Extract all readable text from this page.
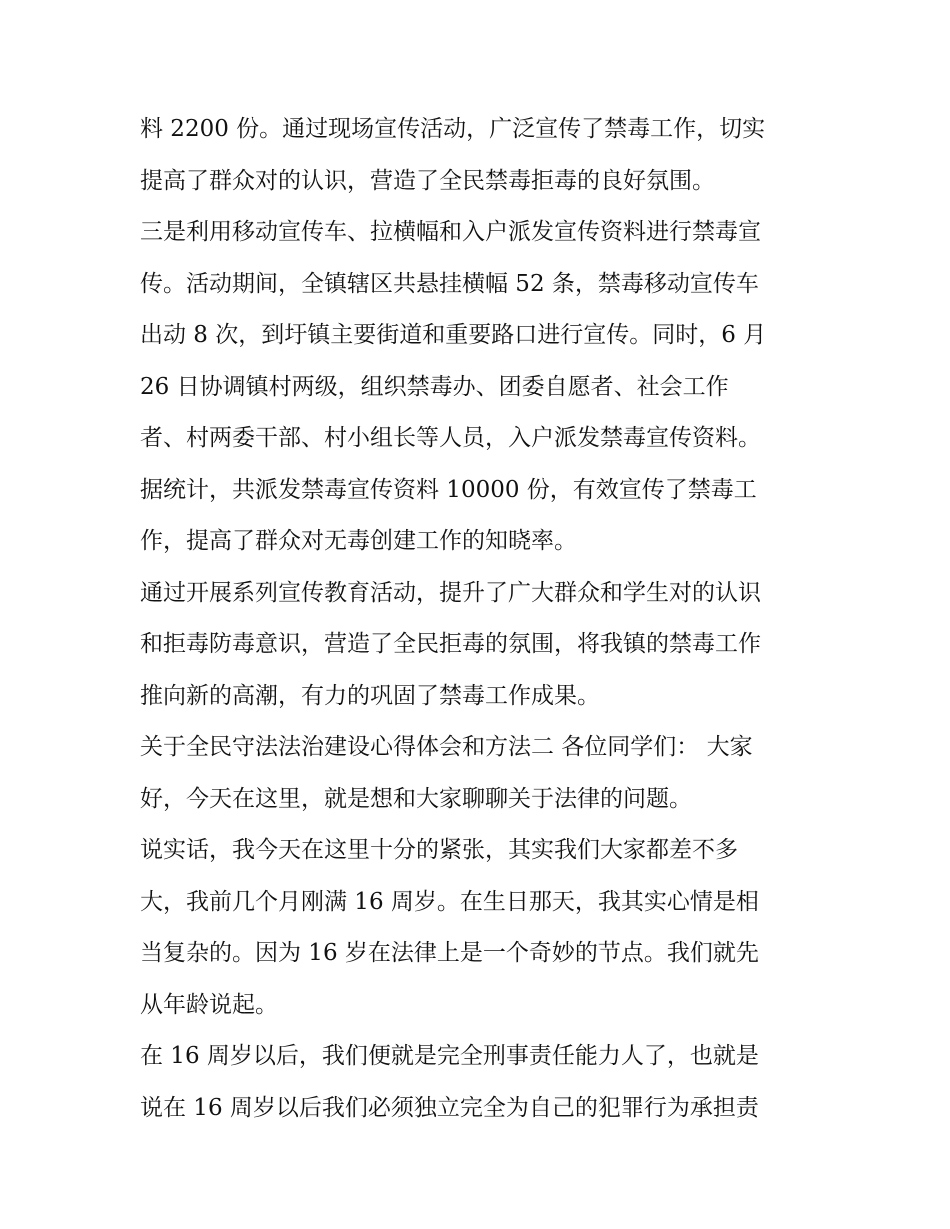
料 2200 份。通过现场宣传活动，广泛宣传了禁毒工作，切实
提高了群众对的认识，营造了全民禁毒拒毒的良好氛围。
三是利用移动宣传车、拉横幅和入户派发宣传资料进行禁毒宣
传。活动期间，全镇辖区共悬挂横幅 52 条，禁毒移动宣传车
出动 8 次，到圩镇主要街道和重要路口进行宣传。同时，6 月
26 日协调镇村两级，组织禁毒办、团委自愿者、社会工作
者、村两委干部、村小组长等人员，入户派发禁毒宣传资料。
据统计，共派发禁毒宣传资料 10000 份，有效宣传了禁毒工
作，提高了群众对无毒创建工作的知晓率。
通过开展系列宣传教育活动，提升了广大群众和学生对的认识
和拒毒防毒意识，营造了全民拒毒的氛围，将我镇的禁毒工作
推向新的高潮，有力的巩固了禁毒工作成果。
关于全民守法法治建设心得体会和方法二 各位同学们： 大家
好，今天在这里，就是想和大家聊聊关于法律的问题。
说实话，我今天在这里十分的紧张，其实我们大家都差不多
大，我前几个月刚满 16 周岁。在生日那天，我其实心情是相
当复杂的。因为 16 岁在法律上是一个奇妙的节点。我们就先
从年龄说起。
在 16 周岁以后，我们便就是完全刑事责任能力人了，也就是
说在 16 周岁以后我们必须独立完全为自己的犯罪行为承担责
